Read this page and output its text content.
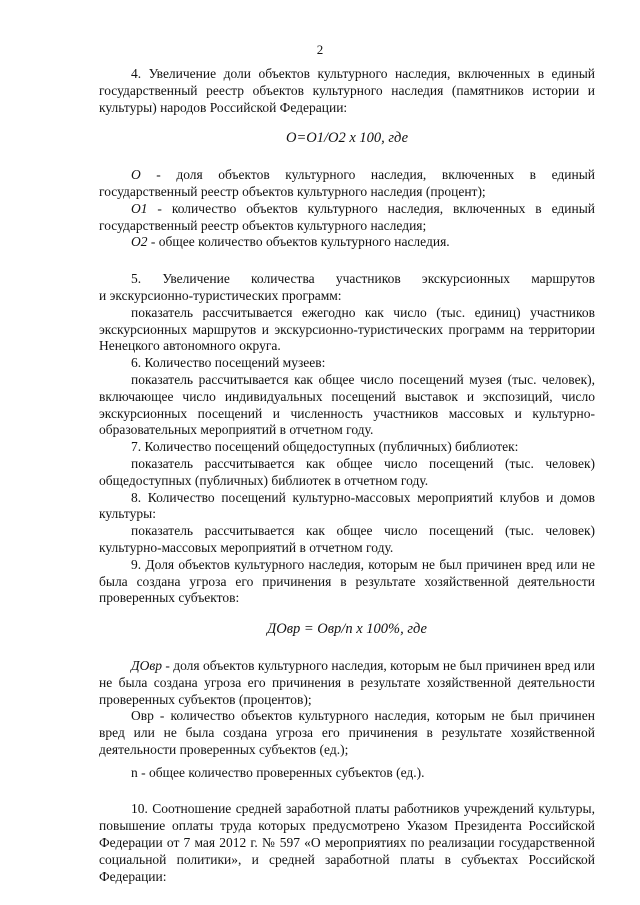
2

4. Увеличение доли объектов культурного наследия, включенных в единый государственный реестр объектов культурного наследия (памятников истории и культуры) народов Российской Федерации:

О=О1/О2 х 100, где

О - доля объектов культурного наследия, включенных в единый государственный реестр объектов культурного наследия (процент);

О1 - количество объектов культурного наследия, включенных в единый государственный реестр объектов культурного наследия;

О2 - общее количество объектов культурного наследия.

5. Увеличение количества участников экскурсионных маршрутов

и экскурсионно-туристических программ:

показатель рассчитывается ежегодно как число (тыс. единиц) участников экскурсионных маршрутов и экскурсионно-туристических программ на территории Ненецкого автономного округа.

6. Количество посещений музеев:

показатель рассчитывается как общее число посещений музея (тыс. человек), включающее число индивидуальных посещений выставок и экспозиций, число экскурсионных посещений и численность участников массовых и культурно-образовательных мероприятий в отчетном году.

7. Количество посещений общедоступных (публичных) библиотек:

показатель рассчитывается как общее число посещений (тыс. человек) общедоступных (публичных) библиотек в отчетном году.

8. Количество посещений культурно-массовых мероприятий клубов и домов культуры:

показатель рассчитывается как общее число посещений (тыс. человек) культурно-массовых мероприятий в отчетном году.

9. Доля объектов культурного наследия, которым не был причинен вред или не была создана угроза его причинения в результате хозяйственной деятельности проверенных субъектов:

ДОвр = Овр/n х 100%, где

ДОвр - доля объектов культурного наследия, которым не был причинен вред или не была создана угроза его причинения в результате хозяйственной деятельности проверенных субъектов (процентов);

Овр - количество объектов культурного наследия, которым не был причинен вред или не была создана угроза его причинения в результате хозяйственной деятельности проверенных субъектов (ед.);

n - общее количество проверенных субъектов (ед.).

10. Соотношение средней заработной платы работников учреждений культуры, повышение оплаты труда которых предусмотрено Указом Президента Российской Федерации от 7 мая 2012 г. № 597 «О мероприятиях по реализации государственной социальной политики», и средней заработной платы в субъектах Российской Федерации:
